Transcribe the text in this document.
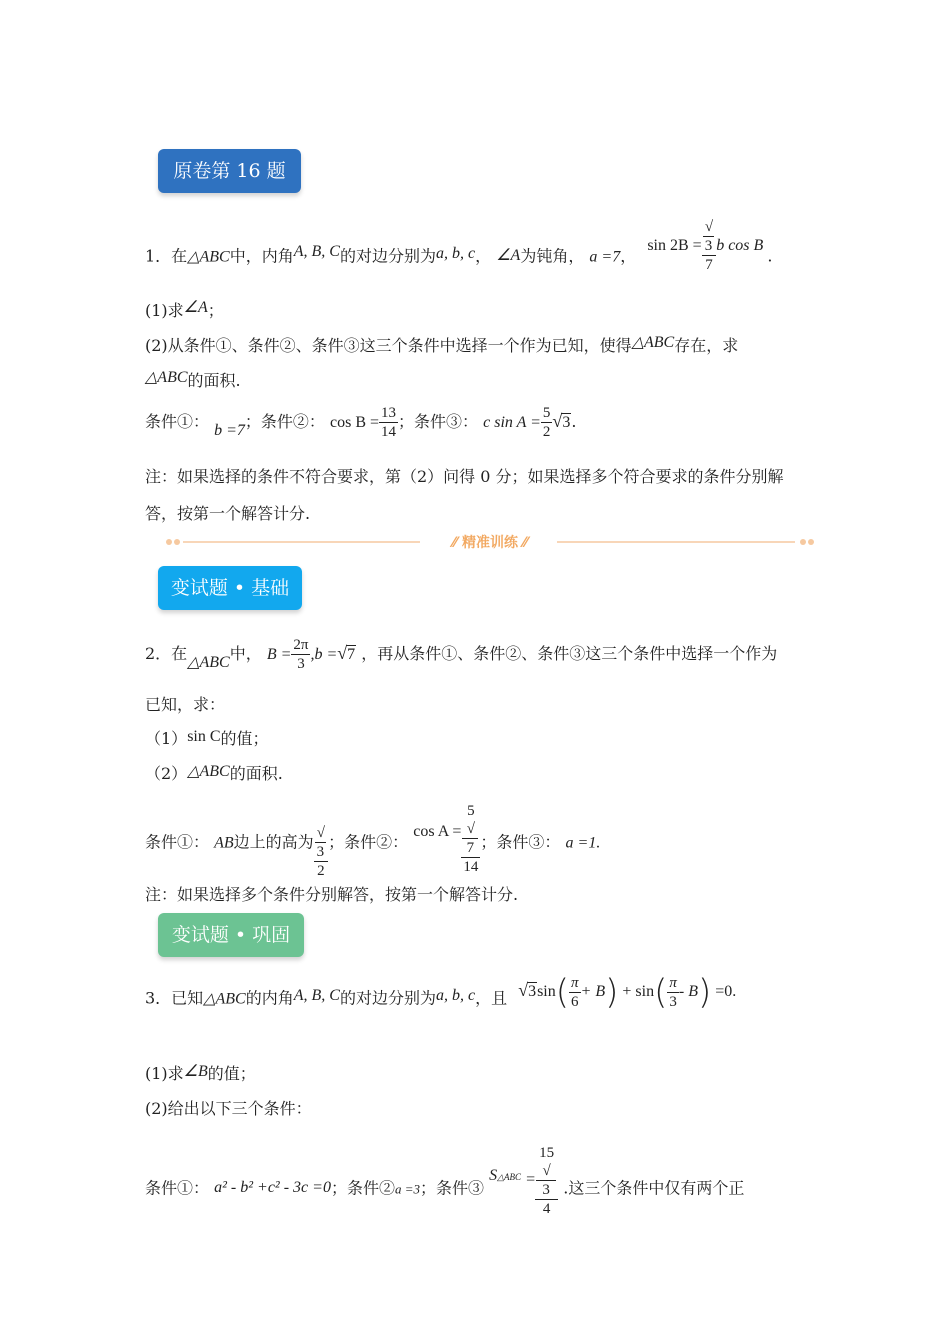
原卷第 16 题
1．在△ABC中，内角A, B, C的对边分别为a, b, c， ∠A为钝角， a =7， sin 2B = √
3
7 b cos B .
(1)求∠A；
(2)从条件①、条件②、条件③这三个条件中选择一个作为已知，使得△ABC存在，求
△ABC的面积.
条件①： b =7；条件②： $\cos B = \frac{13}{14}$ ；条件③： c $\sin A = \frac{5}{2} √3$.
注：如果选择的条件不符合要求，第（2）问得 0 分；如果选择多个符合要求的条件分别解
答，按第一个解答计分.
⁄⁄ 精准训练 ⁄⁄
变试题 • 基础
2．在△ABC中， $B = \frac{2\pi}{3} ,b =√7$ ，再从条件①、条件②、条件③这三个条件中选择一个作为
已知，求：
（1）sin C的值；
（2）△ABC的面积.
条件①： AB边上的高为 √
3
2 ；条件②： cos A = 5
√
7
14 ；条件③： a =1.
注：如果选择多个条件分别解答，按第一个解答计分.
变试题 • 巩固
3．已知△ABC的内角A, B, C的对边分别为a, b, c，且 $√3\sin( \frac{\pi}{6} + B) + \sin( \frac{\pi}{3} - B) =0$.
(1)求∠B的值；
(2)给出以下三个条件：
条件①： a² - b² +c² - 3c =0；条件②a =3；条件③ S△ABC = 15
√
3
4 .这三个条件中仅有两个正
